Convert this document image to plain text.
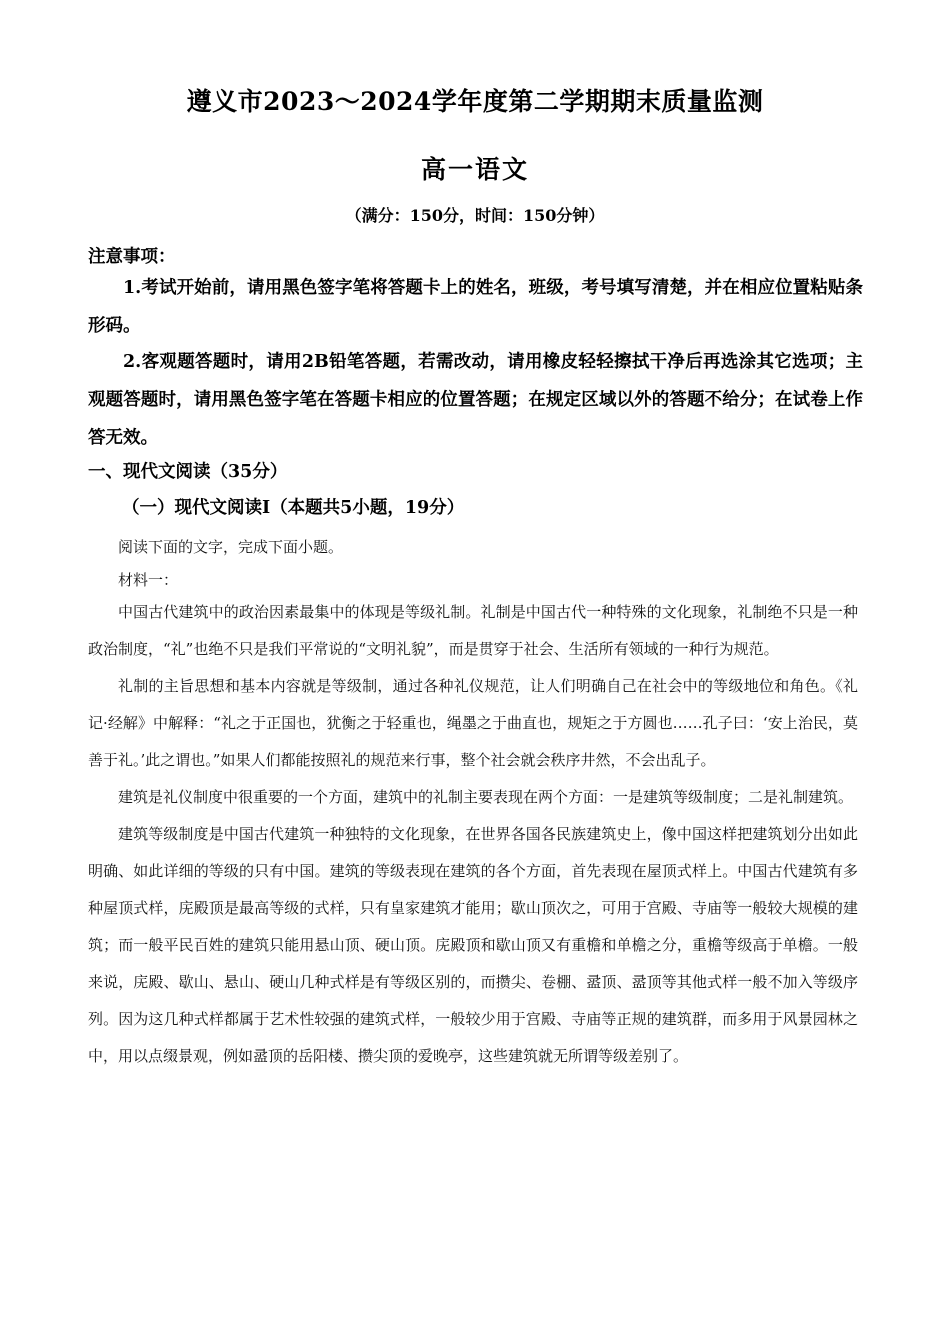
遵义市2023～2024学年度第二学期期末质量监测
高一语文
（满分：150分，时间：150分钟）
注意事项：

1.考试开始前，请用黑色签字笔将答题卡上的姓名，班级，考号填写清楚，并在相应位置粘贴条形码。

2.客观题答题时，请用2B铅笔答题，若需改动，请用橡皮轻轻擦拭干净后再选涂其它选项；主观题答题时，请用黑色签字笔在答题卡相应的位置答题；在规定区域以外的答题不给分；在试卷上作答无效。

一、现代文阅读（35分）
（一）现代文阅读Ⅰ（本题共5小题，19分）
阅读下面的文字，完成下面小题。
材料一：

中国古代建筑中的政治因素最集中的体现是等级礼制。礼制是中国古代一种特殊的文化现象，礼制绝不只是一种政治制度，“礼”也绝不只是我们平常说的“文明礼貌”，而是贯穿于社会、生活所有领域的一种行为规范。

礼制的主旨思想和基本内容就是等级制，通过各种礼仪规范，让人们明确自己在社会中的等级地位和角色。《礼记·经解》中解释：“礼之于正国也，犹衡之于轻重也，绳墨之于曲直也，规矩之于方圆也……孔子曰：‘安上治民，莫善于礼。’此之谓也。”如果人们都能按照礼的规范来行事，整个社会就会秩序井然，不会出乱子。

建筑是礼仪制度中很重要的一个方面，建筑中的礼制主要表现在两个方面：一是建筑等级制度；二是礼制建筑。

建筑等级制度是中国古代建筑一种独特的文化现象，在世界各国各民族建筑史上，像中国这样把建筑划分出如此明确、如此详细的等级的只有中国。建筑的等级表现在建筑的各个方面，首先表现在屋顶式样上。中国古代建筑有多种屋顶式样，庑殿顶是最高等级的式样，只有皇家建筑才能用；歇山顶次之，可用于宫殿、寺庙等一般较大规模的建筑；而一般平民百姓的建筑只能用悬山顶、硬山顶。庑殿顶和歇山顶又有重檐和单檐之分，重檐等级高于单檐。一般来说，庑殿、歇山、悬山、硬山几种式样是有等级区别的，而攒尖、卷棚、盝顶、盝顶等其他式样一般不加入等级序列。因为这几种式样都属于艺术性较强的建筑式样，一般较少用于宫殿、寺庙等正规的建筑群，而多用于风景园林之中，用以点缀景观，例如盝顶的岳阳楼、攒尖顶的爱晚亭，这些建筑就无所谓等级差别了。
